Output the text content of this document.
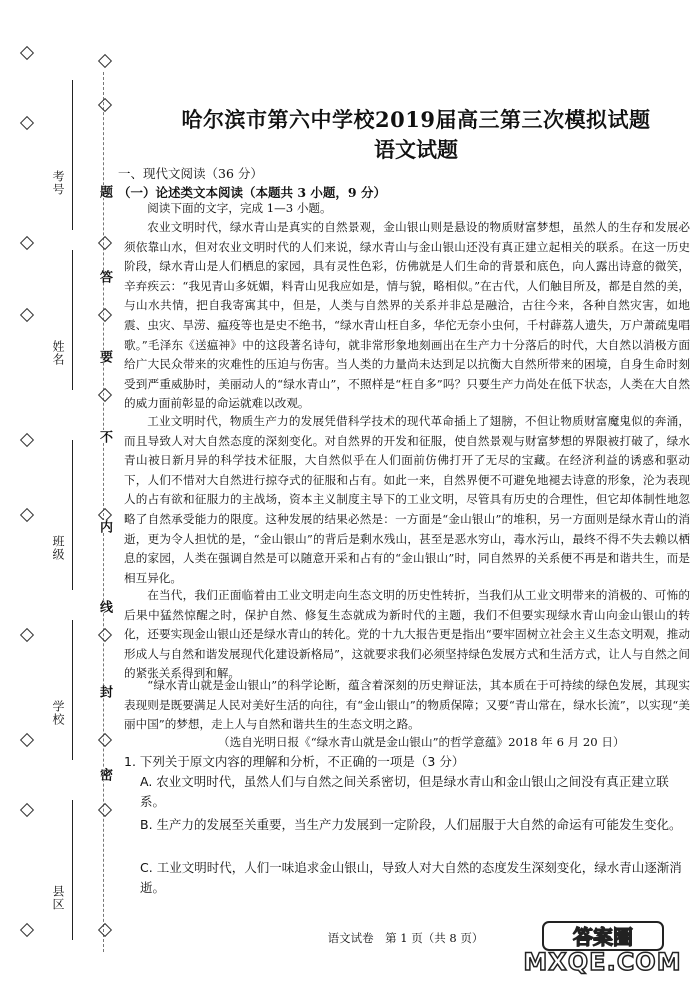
考号
姓名
班级
学校
县区
题
答
要
不
内
线
封
密
哈尔滨市第六中学校2019届高三第三次模拟试题
语文试题
一、现代文阅读（36 分）
（一）论述类文本阅读（本题共 3 小题，9 分）
阅读下面的文字，完成 1—3 小题。
农业文明时代，绿水青山是真实的自然景观，金山银山则是悬设的物质财富梦想，虽然人的生存和发展必须依靠山水，但对农业文明时代的人们来说，绿水青山与金山银山还没有真正建立起相关的联系。在这一历史阶段，绿水青山是人们栖息的家园，具有灵性色彩，仿佛就是人们生命的背景和底色，向人露出诗意的微笑，辛弃疾云：“我见青山多妩媚，料青山见我应如是，情与貌，略相似。”在古代，人们触目所及，都是自然的美，与山水共情，把自我寄寓其中，但是，人类与自然界的关系并非总是融洽，古往今来，各种自然灾害，如地震、虫灾、旱涝、瘟疫等也是史不绝书，“绿水青山枉自多，华佗无奈小虫何，千村薜荔人遗失，万户萧疏鬼唱歌。”毛泽东《送瘟神》中的这段著名诗句，就非常形象地刻画出在生产力十分落后的时代，大自然以消极方面给广大民众带来的灾难性的压迫与伤害。当人类的力量尚未达到足以抗衡大自然所带来的困境，自身生命时刻受到严重威胁时，美丽动人的“绿水青山”，不照样是“枉自多”吗？只要生产力尚处在低下状态，人类在大自然的威力面前彰显的命运就难以改观。
工业文明时代，物质生产力的发展凭借科学技术的现代革命插上了翅膀，不但让物质财富魔鬼似的奔涌，而且导致人对大自然态度的深刻变化。对自然界的开发和征服，使自然景观与财富梦想的界限被打破了，绿水青山被日新月异的科学技术征服，大自然似乎在人们面前仿佛打开了无尽的宝藏。在经济利益的诱惑和驱动下，人们不惜对大自然进行掠夺式的征服和占有。如此一来，自然界便不可避免地褪去诗意的形象，沦为表现人的占有欲和征服力的主战场，资本主义制度主导下的工业文明，尽管具有历史的合理性，但它却体制性地忽略了自然承受能力的限度。这种发展的结果必然是：一方面是“金山银山”的堆积，另一方面则是绿水青山的消逝，更为令人担忧的是，“金山银山”的背后是剩水残山，甚至是恶水穷山，毒水污山，最终不得不失去赖以栖息的家园，人类在强调自然是可以随意开采和占有的“金山银山”时，同自然界的关系便不再是和谐共生，而是相互异化。
在当代，我们正面临着由工业文明走向生态文明的历史性转折，当我们从工业文明带来的消极的、可怖的后果中猛然惊醒之时，保护自然、修复生态就成为新时代的主题，我们不但要实现绿水青山向金山银山的转化，还要实现金山银山还是绿水青山的转化。党的十九大报告更是指出“要牢固树立社会主义生态文明观，推动形成人与自然和谐发展现代化建设新格局”，这就要求我们必须坚持绿色发展方式和生活方式，让人与自然之间的紧张关系得到和解。
“绿水青山就是金山银山”的科学论断，蕴含着深刻的历史辩证法，其本质在于可持续的绿色发展，其现实表现则是既要满足人民对美好生活的向往，有“金山银山”的物质保障；又要“青山常在，绿水长流”，以实现“美丽中国”的梦想，走上人与自然和谐共生的生态文明之路。
（选自光明日报《“绿水青山就是金山银山”的哲学意蕴》2018 年 6 月 20 日）
1. 下列关于原文内容的理解和分析，不正确的一项是（3 分）
A. 农业文明时代，虽然人们与自然之间关系密切，但是绿水青山和金山银山之间没有真正建立联系。
B. 生产力的发展至关重要，当生产力发展到一定阶段，人们屈服于大自然的命运有可能发生变化。
C. 工业文明时代，人们一味追求金山银山，导致人对大自然的态度发生深刻变化，绿水青山逐渐消逝。
语文试卷　第 1 页（共 8 页）	答案圈
MXQE.COM
